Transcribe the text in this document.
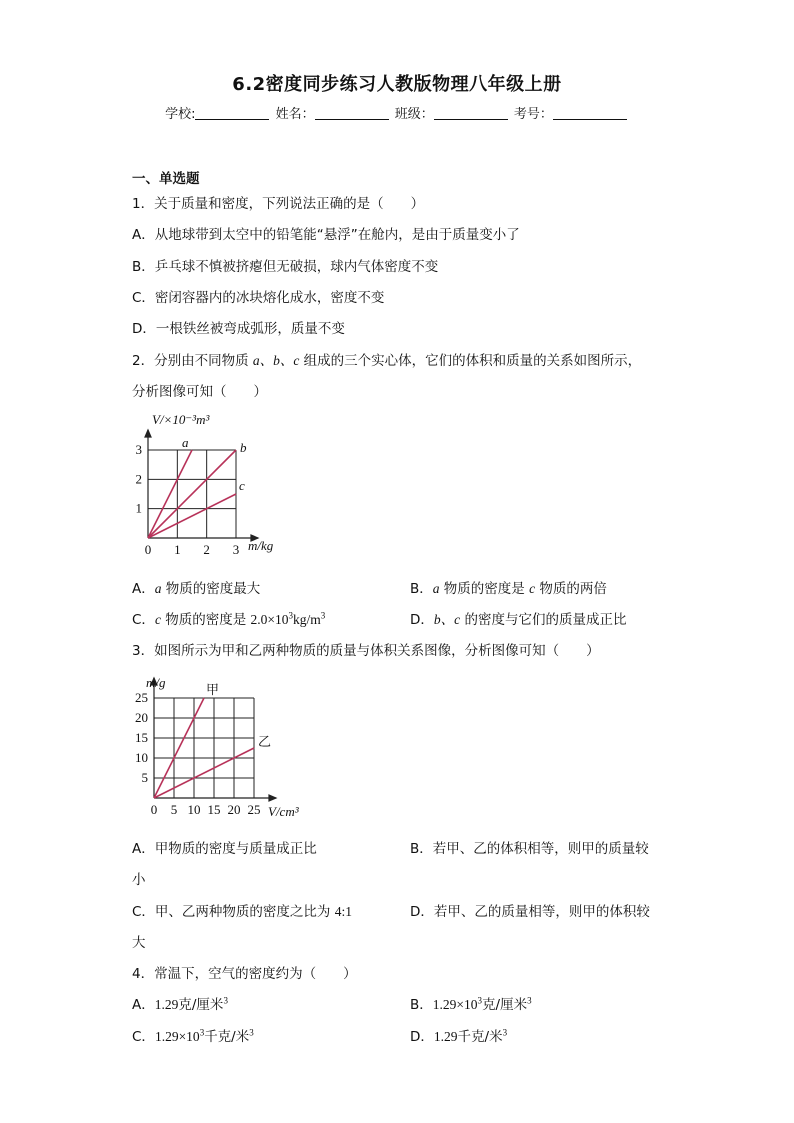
6.2密度同步练习人教版物理八年级上册
学校:	姓名：	班级：	考号：
一、单选题
1．关于质量和密度，下列说法正确的是（　　）
A．从地球带到太空中的铅笔能“悬浮”在舱内，是由于质量变小了
B．乒乓球不慎被挤瘪但无破损，球内气体密度不变
C．密闭容器内的冰块熔化成水，密度不变
D．一根铁丝被弯成弧形，质量不变
2．分别由不同物质 a、b、c 组成的三个实心体，它们的体积和质量的关系如图所示，
分析图像可知（　　）
0 1 2 3
1
2
3
V/×10⁻³m³
m/kg
a	b
c
A．a 物质的密度最大	B．a 物质的密度是 c 物质的两倍
C．c 物质的密度是 $2.0\times 10^3kg/m^3$	D．b、c 的密度与它们的质量成正比
3．如图所示为甲和乙两种物质的质量与体积关系图像，分析图像可知（　　）
0 5 10 15 20 25
5
10
15
20
25
m/g
V/cm³
甲
乙
A．甲物质的密度与质量成正比	B．若甲、乙的体积相等，则甲的质量较
小
C．甲、乙两种物质的密度之比为 4:1	D．若甲、乙的质量相等，则甲的体积较
大
4．常温下，空气的密度约为（　　）
A．1.29克/厘米$^3$	B．$1.29\times 10^3$克/厘米$^3$
C．$1.29\times 10^3$千克/米$^3$	D．1.29千克/米$^3$
